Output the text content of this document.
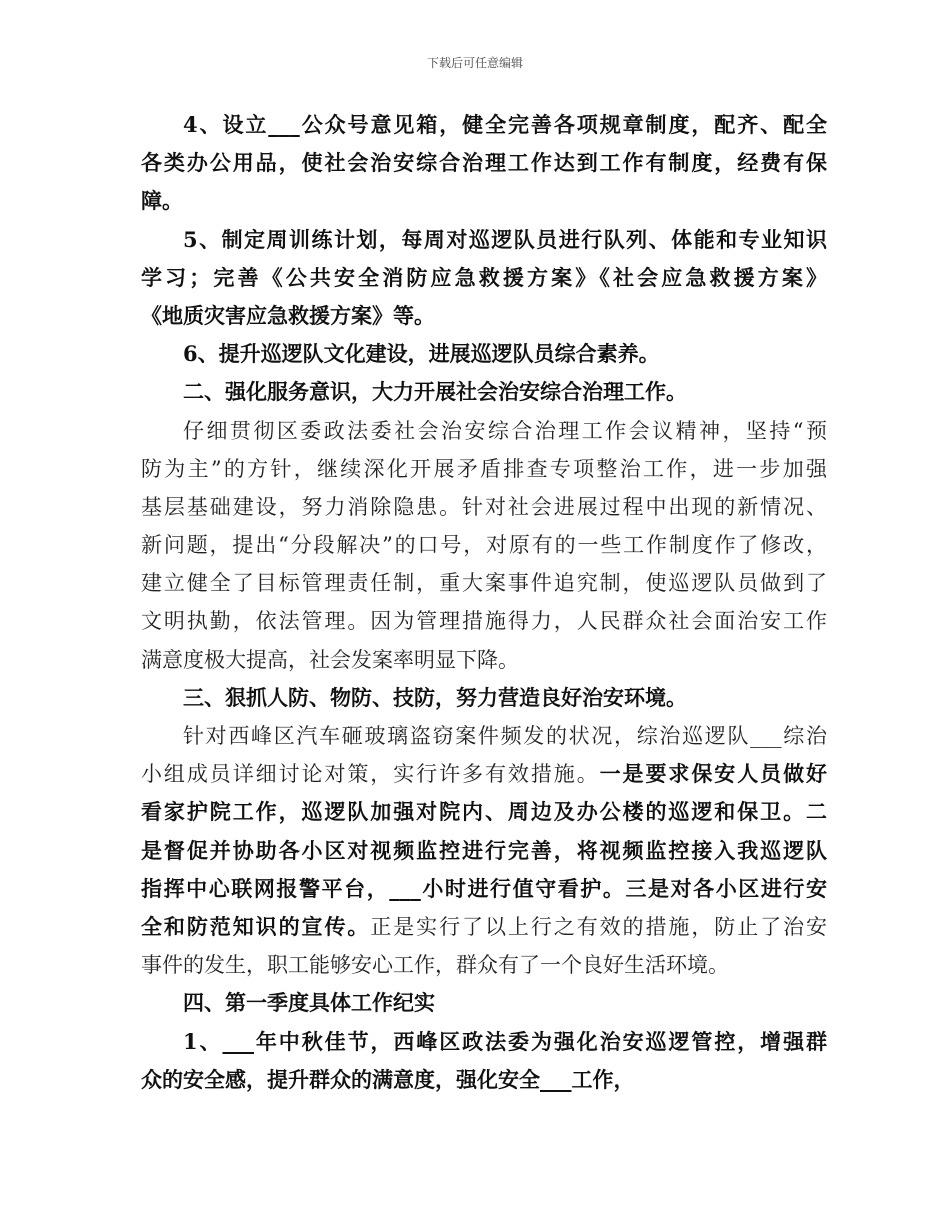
下载后可任意编辑
4、设立___公众号意见箱，健全完善各项规章制度，配齐、配全
各类办公用品，使社会治安综合治理工作达到工作有制度，经费有保
障。
5、制定周训练计划，每周对巡逻队员进行队列、体能和专业知识
学习；完善《公共安全消防应急救援方案》《社会应急救援方案》
《地质灾害应急救援方案》等。
6、提升巡逻队文化建设，进展巡逻队员综合素养。
二、强化服务意识，大力开展社会治安综合治理工作。
仔细贯彻区委政法委社会治安综合治理工作会议精神，坚持“预
防为主”的方针，继续深化开展矛盾排查专项整治工作，进一步加强
基层基础建设，努力消除隐患。针对社会进展过程中出现的新情况、
新问题，提出“分段解决”的口号，对原有的一些工作制度作了修改，
建立健全了目标管理责任制，重大案事件追究制，使巡逻队员做到了
文明执勤，依法管理。因为管理措施得力，人民群众社会面治安工作
满意度极大提高，社会发案率明显下降。
三、狠抓人防、物防、技防，努力营造良好治安环境。
针对西峰区汽车砸玻璃盗窃案件频发的状况，综治巡逻队___综治
小组成员详细讨论对策，实行许多有效措施。一是要求保安人员做好
看家护院工作，巡逻队加强对院内、周边及办公楼的巡逻和保卫。二
是督促并协助各小区对视频监控进行完善，将视频监控接入我巡逻队
指挥中心联网报警平台，___小时进行值守看护。三是对各小区进行安
全和防范知识的宣传。正是实行了以上行之有效的措施，防止了治安
事件的发生，职工能够安心工作，群众有了一个良好生活环境。
四、第一季度具体工作纪实
1、___年中秋佳节，西峰区政法委为强化治安巡逻管控，增强群
众的安全感，提升群众的满意度，强化安全___工作，
